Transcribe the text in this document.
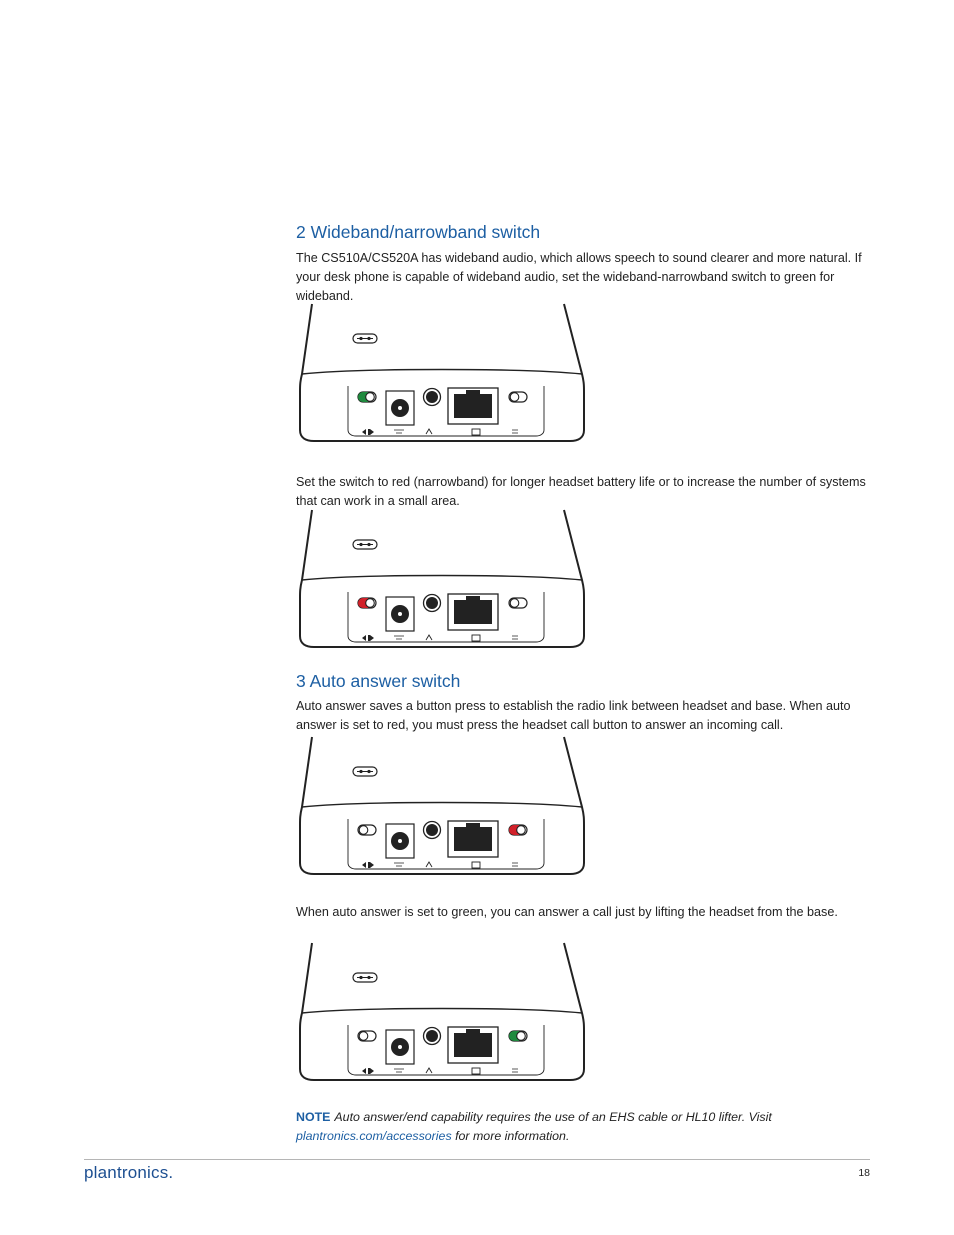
2 Wideband/narrowband switch

The CS510A/CS520A has wideband audio, which allows speech to sound clearer and more natural. If your desk phone is capable of wideband audio, set the wideband-narrowband switch to green for wideband.

Set the switch to red (narrowband) for longer headset battery life or to increase the number of systems that can work in a small area.

3 Auto answer switch

Auto answer saves a button press to establish the radio link between headset and base. When auto answer is set to red, you must press the headset call button to answer an incoming call.

When auto answer is set to green, you can answer a call just by lifting the headset from the base.

NOTE Auto answer/end capability requires the use of an EHS cable or HL10 lifter. Visit
plantronics.com/accessories for more information.
plantronics.	18
